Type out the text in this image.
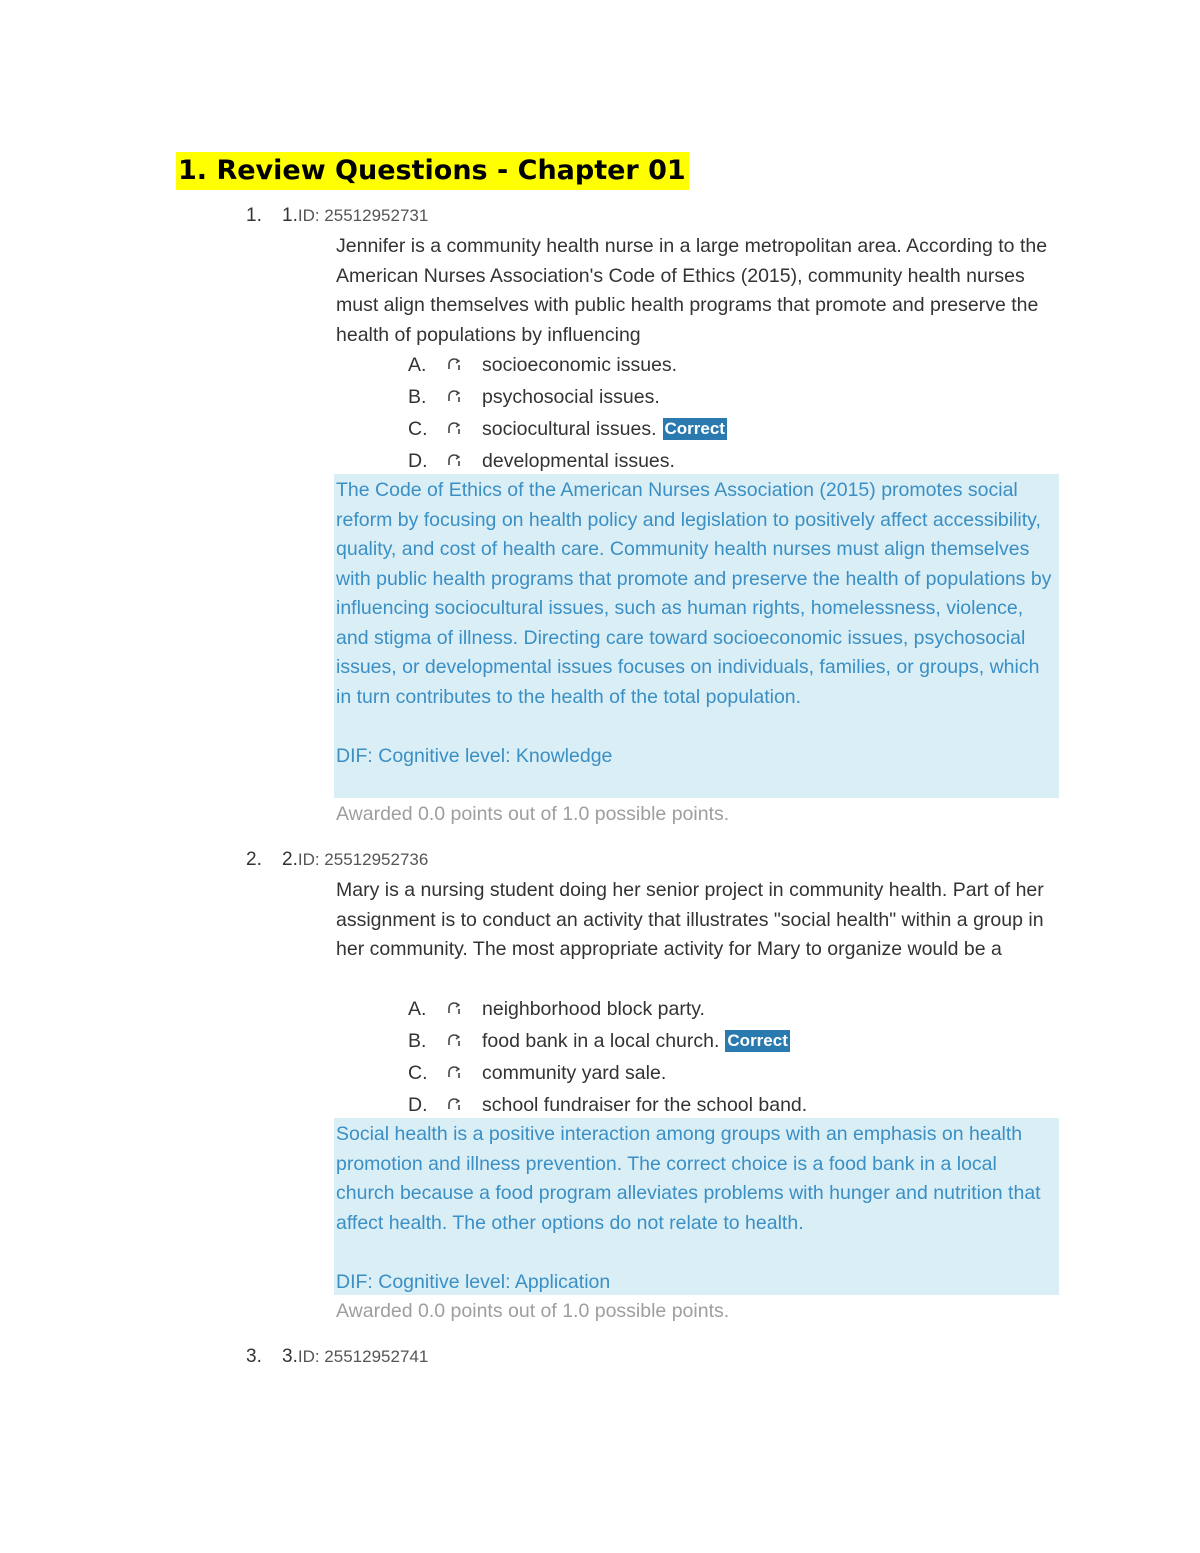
1. Review Questions - Chapter 01
1. 1.ID: 25512952731

Jennifer is a community health nurse in a large metropolitan area. According to the American Nurses Association's Code of Ethics (2015), community health nurses must align themselves with public health programs that promote and preserve the health of populations by influencing

A.	socioeconomic issues.
B.	psychosocial issues.
C.	sociocultural issues. Correct
D.	developmental issues.

The Code of Ethics of the American Nurses Association (2015) promotes social reform by focusing on health policy and legislation to positively affect accessibility, quality, and cost of health care. Community health nurses must align themselves with public health programs that promote and preserve the health of populations by influencing sociocultural issues, such as human rights, homelessness, violence, and stigma of illness. Directing care toward socioeconomic issues, psychosocial issues, or developmental issues focuses on individuals, families, or groups, which in turn contributes to the health of the total population.

DIF: Cognitive level: Knowledge

Awarded 0.0 points out of 1.0 possible points.
2. 2.ID: 25512952736

Mary is a nursing student doing her senior project in community health. Part of her assignment is to conduct an activity that illustrates "social health" within a group in her community. The most appropriate activity for Mary to organize would be a

A.	neighborhood block party.
B.	food bank in a local church. Correct
C.	community yard sale.
D.	school fundraiser for the school band.

Social health is a positive interaction among groups with an emphasis on health promotion and illness prevention. The correct choice is a food bank in a local church because a food program alleviates problems with hunger and nutrition that affect health. The other options do not relate to health.

DIF: Cognitive level: Application

Awarded 0.0 points out of 1.0 possible points.
3. 3.ID: 25512952741
